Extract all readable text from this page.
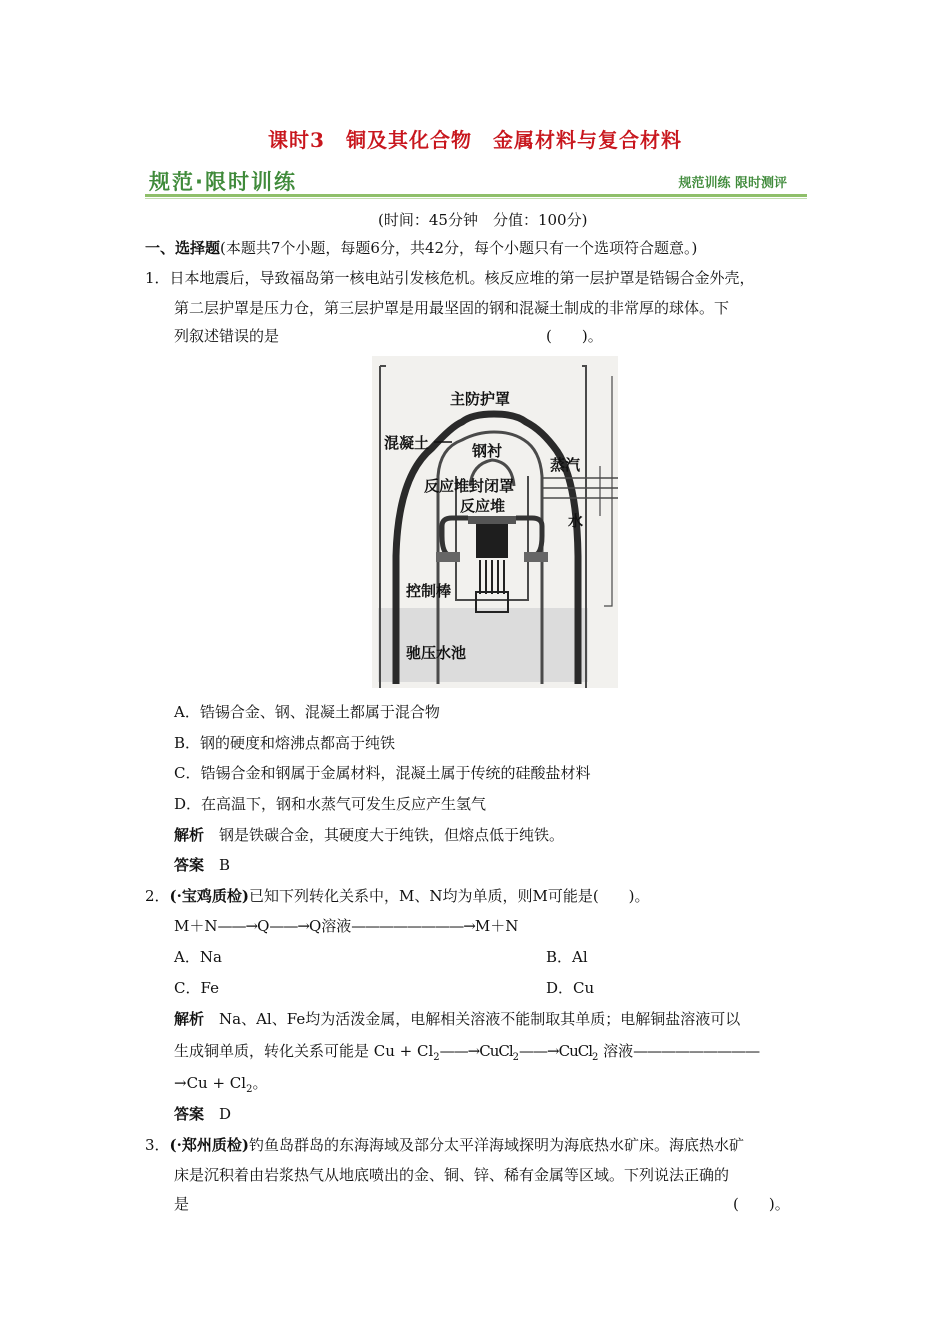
课时3　铜及其化合物　金属材料与复合材料
规范·限时训练	规范训练 限时测评
(时间：45分钟　分值：100分)
一、选择题(本题共7个小题，每题6分，共42分，每个小题只有一个选项符合题意。)
1．日本地震后，导致福岛第一核电站引发核危机。核反应堆的第一层护罩是锆锡合金外壳，
第二层护罩是压力仓，第三层护罩是用最坚固的钢和混凝土制成的非常厚的球体。下
列叙述错误的是	(　　)。
主防护罩
混凝土	钢衬
蒸汽
反应堆封闭罩
反应堆
水
控制棒
驰压水池
A．锆锡合金、钢、混凝土都属于混合物
B．钢的硬度和熔沸点都高于纯铁
C．锆锡合金和钢属于金属材料，混凝土属于传统的硅酸盐材料
D．在高温下，钢和水蒸气可发生反应产生氢气
解析　 钢是铁碳合金，其硬度大于纯铁，但熔点低于纯铁。
答案　 B
2．(·宝鸡质检)已知下列转化关系中，M、N均为单质，则M可能是(　　)。
M＋N——→Q——→Q溶液————————→M＋N
A．Na	B．Al
C．Fe	D．Cu
解析　 Na、Al、Fe均为活泼金属，电解相关溶液不能制取其单质；电解铜盐溶液可以
生成铜单质，转化关系可能是 $Cu + Cl_2——\to CuCl_2——\to CuCl_2$ 溶液—————————
$\to Cu + Cl_2$。
答案　 D
3．(·郑州质检)钓鱼岛群岛的东海海域及部分太平洋海域探明为海底热水矿床。海底热水矿
床是沉积着由岩浆热气从地底喷出的金、铜、锌、稀有金属等区域。下列说法正确的
是	(　　)。
